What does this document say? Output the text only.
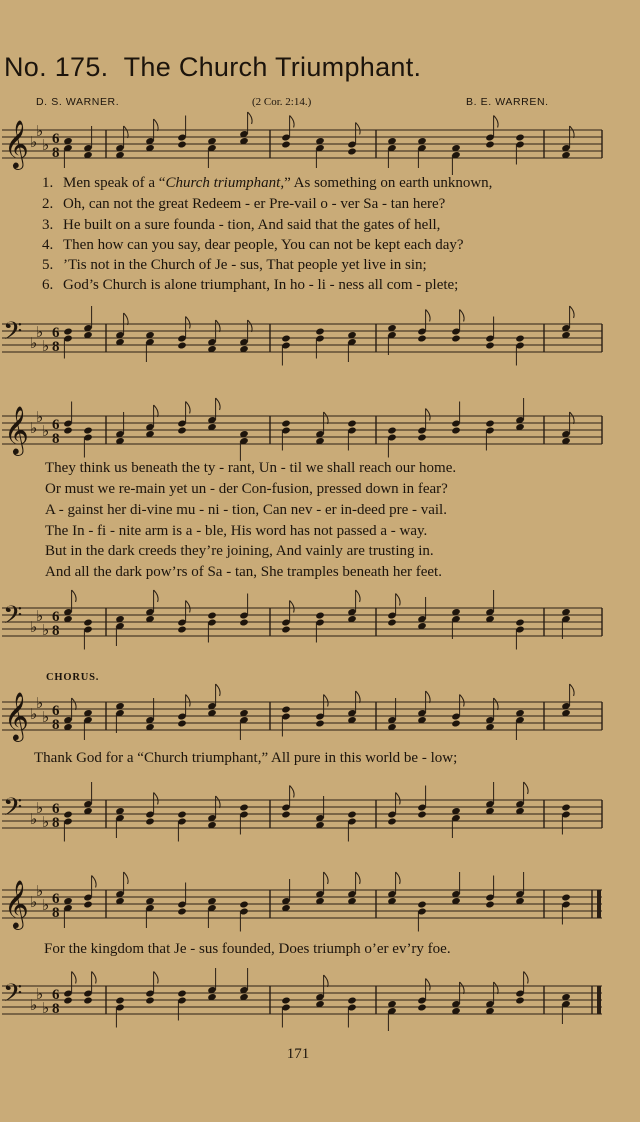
No. 175. The Church Triumphant.
D. S. WARNER.	(2 Cor. 2:14.)	B. E. WARREN.
𝄞 ♭
♭
♭ 6
8
𝄢 ♭
♭
♭
6
8
𝄞 ♭
♭
♭ 6
8
𝄢 ♭
♭
♭
6
8
𝄞 ♭
♭
♭ 6
8
𝄢 ♭
♭
♭
6
8
𝄞 ♭
♭
♭ 6
8
𝄢 ♭
♭
♭
6
8
1. Men speak of a “Church triumphant,” As something on earth unknown,
2. Oh, can not the great Redeem - er Pre-vail o - ver Sa - tan here?
3. He built on a sure founda - tion, And said that the gates of hell,
4. Then how can you say, dear people, You can not be kept each day?
5. ’Tis not in the Church of Je - sus, That people yet live in sin;
6. God’s Church is alone triumphant, In ho - li - ness all com - plete;
They think us beneath the ty - rant, Un - til we shall reach our home.
Or must we re-main yet un - der Con-fusion, pressed down in fear?
A - gainst her di-vine mu - ni - tion, Can nev - er in-deed pre - vail.
The In - fi - nite arm is a - ble, His word has not passed a - way.
But in the dark creeds they’re joining, And vainly are trusting in.
And all the dark pow’rs of Sa - tan, She tramples beneath her feet.
CHORUS.
Thank God for a “Church triumphant,” All pure in this world be - low;
For the kingdom that Je - sus founded, Does triumph o’er ev’ry foe.
171
